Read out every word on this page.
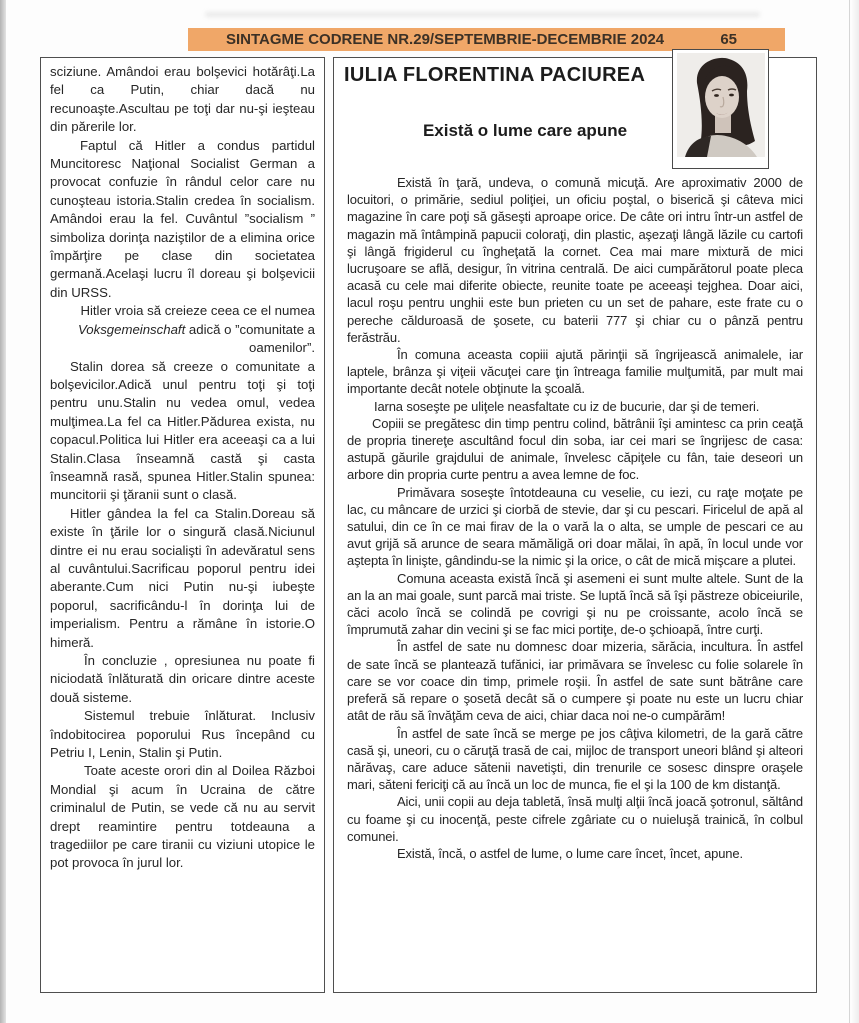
SINTAGME CODRENE NR.29/SEPTEMBRIE-DECEMBRIE 2024	65

sciziune. Amândoi erau bolşevici hotărâţi.La fel ca Putin, chiar dacă nu recunoaşte.Ascultau pe toţi dar nu-şi ieşteau din părerile lor.

Faptul că Hitler a condus partidul Muncitoresc Naţional Socialist German a provocat confuzie în rândul celor care nu cunoşteau istoria.Stalin credea în socialism. Amândoi erau la fel. Cuvântul ”socialism ” simboliza dorinţa naziştilor de a elimina orice împărţire pe clase din societatea germană.Acelaşi lucru îl doreau şi bolşevicii din URSS.

Hitler vroia să creieze ceea ce el numea Voksgemeinschaft adică o ”comunitate a oamenilor”.

Stalin dorea să creeze o comunitate a bolşevicilor.Adică unul pentru toţi şi toţi pentru unu.Stalin nu vedea omul, vedea mulţimea.La fel ca Hitler.Pădurea exista, nu copacul.Politica lui Hitler era aceeaşi ca a lui Stalin.Clasa înseamnă castă şi casta înseamnă rasă, spunea Hitler.Stalin spunea: muncitorii şi ţăranii sunt o clasă.

Hitler gândea la fel ca Stalin.Doreau să existe în ţările lor o singură clasă.Niciunul dintre ei nu erau socialişti în adevăratul sens al cuvântului.Sacrificau poporul pentru idei aberante.Cum nici Putin nu-şi iubeşte poporul, sacrificându-l în dorinţa lui de imperialism. Pentru a rămâne în istorie.O himeră.

În concluzie , opresiunea nu poate fi niciodată înlăturată din oricare dintre aceste două sisteme.

Sistemul trebuie înlăturat. Inclusiv îndobitocirea poporului Rus începând cu Petriu I, Lenin, Stalin şi Putin.

Toate aceste orori din al Doilea Război Mondial şi acum în Ucraina de către criminalul de Putin, se vede că nu au servit drept reamintire pentru totdeauna a tragediilor pe care tiranii cu viziuni utopice le pot provoca în jurul lor.

IULIA FLORENTINA PACIUREA
Există o lume care apune

Există în ţară, undeva, o comună micuţă. Are aproximativ 2000 de locuitori, o primărie, sediul poliţiei, un oficiu poştal, o biserică şi câteva mici magazine în care poţi să găseşti aproape orice. De câte ori intru într-un astfel de magazin mă întâmpină papucii coloraţi, din plastic, aşezaţi lângă lăzile cu cartofi şi lângă frigiderul cu îngheţată la cornet. Cea mai mare mixtură de mici lucruşoare se află, desigur, în vitrina centrală. De aici cumpărătorul poate pleca acasă cu cele mai diferite obiecte, reunite toate pe aceeaşi tejghea. Doar aici, lacul roşu pentru unghii este bun prieten cu un set de pahare, este frate cu o pereche călduroasă de şosete, cu baterii 777 şi chiar cu o pânză pentru ferăstrău.

În comuna aceasta copiii ajută părinţii să îngrijească animalele, iar laptele, brânza şi viţeii văcuţei care ţin întreaga familie mulţumită, par mult mai importante decât notele obţinute la şcoală.

Iarna soseşte pe uliţele neasfaltate cu iz de bucurie, dar şi de temeri.

Copiii se pregătesc din timp pentru colind, bătrânii îşi amintesc ca prin ceaţă de propria tinereţe ascultând focul din soba, iar cei mari se îngrijesc de casa: astupă găurile grajdului de animale, învelesc căpiţele cu fân, taie deseori un arbore din propria curte pentru a avea lemne de foc.

Primăvara soseşte întotdeauna cu veselie, cu iezi, cu raţe moţate pe lac, cu mâncare de urzici şi ciorbă de stevie, dar şi cu pescari. Firicelul de apă al satului, din ce în ce mai firav de la o vară la o alta, se umple de pescari ce au avut grijă să arunce de seara mămăligă ori doar mălai, în apă, în locul unde vor aştepta în linişte, gândindu-se la nimic şi la orice, o cât de mică mişcare a plutei.

Comuna aceasta există încă şi asemeni ei sunt multe altele. Sunt de la an la an mai goale, sunt parcă mai triste. Se luptă încă să îşi păstreze obiceiurile, căci acolo încă se colindă pe covrigi şi nu pe croissante, acolo încă se împrumută zahar din vecini şi se fac mici portiţe, de-o şchioapă, între curţi.

În astfel de sate nu domnesc doar mizeria, sărăcia, incultura. În astfel de sate încă se plantează tufănici, iar primăvara se învelesc cu folie solarele în care se vor coace din timp, primele roşii. În astfel de sate sunt bătrâne care preferă să repare o şosetă decât să o cumpere şi poate nu este un lucru chiar atât de rău să învăţăm ceva de aici, chiar daca noi ne-o cumpărăm!

În astfel de sate încă se merge pe jos câţiva kilometri, de la gară către casă şi, uneori, cu o căruţă trasă de cai, mijloc de transport uneori blând şi alteori nărăvaş, care aduce sătenii navetişti, din trenurile ce sosesc dinspre oraşele mari, săteni fericiţi că au încă un loc de munca, fie el şi la 100 de km distanţă.

Aici, unii copii au deja tabletă, însă mulţi alţii încă joacă şotronul, săltând cu foame şi cu inocenţă, peste cifrele zgâriate cu o nuieluşă trainică, în colbul comunei.

Există, încă, o astfel de lume, o lume care încet, încet, apune.
